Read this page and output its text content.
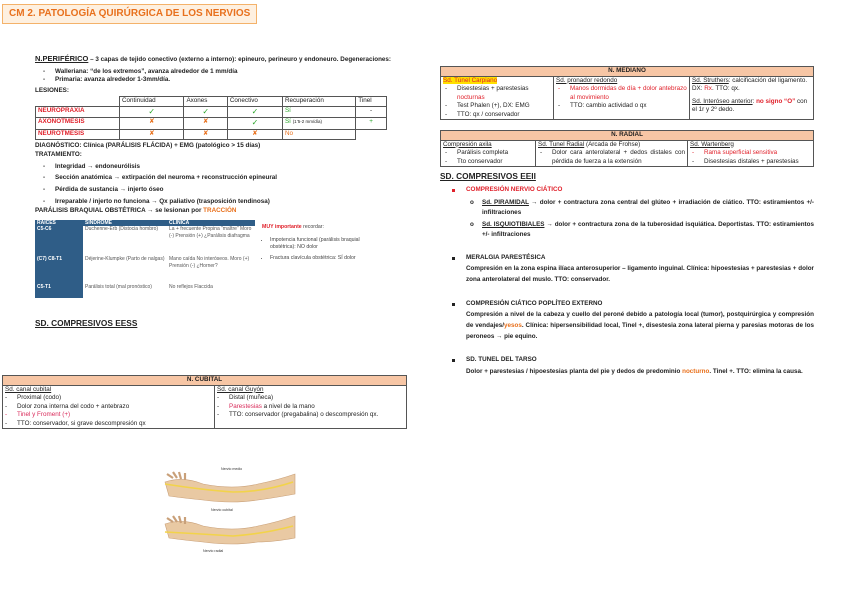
CM 2. PATOLOGÍA QUIRÚRGICA DE LOS NERVIOS
N.PERIFÉRICO – 3 capas de tejido conectivo (externo a interno): epineuro, perineuro y endoneuro. Degeneraciones:
- Walleriana: “de los extremos”, avanza alrededor de 1 mm/día
- Primaria: avanza alrededor 1-3mm/día.
LESIONES:
	Continuidad	Axones	Conectivo	Recuperación	Tinel
NEUROPRAXIA	✓	✓	✓	Sí	-
AXONOTMESIS	✘	✘	✓	Sí (1’5-2 mm/día)	+
NEUROTMESIS	✘	✘	✘	No	
DIAGNÓSTICO: Clínica (PARÁLISIS FLÁCIDA) + EMG (patológico > 15 días)
TRATAMIENTO:
- Integridad → endoneurólisis
- Sección anatómica → extirpación del neuroma + reconstrucción epineural
- Pérdida de sustancia → injerto óseo
- Irreparable / injerto no funciona → Qx paliativo (trasposición tendinosa)
PARÁLISIS BRAQUIAL OBSTÉTRICA → se lesionan por TRACCIÓN
RAICES	SINDROME	CLINICA
C5-C6	Duchenne-Erb (Distocia hombro)	La + frecuente Propina “maître” Moro (-) Prensión (+) ¿Parálisis diafragma
(C7) C8-T1	Déjerine-Klumpke (Parto de nalgas)	Mano caída No interóseos. Moro (+) Prensión (-) ¿Horner?
C5-T1	Parálisis total (mal pronóstico)	No reflejos Flaccida
MUY importante recordar:
• Impotencia funcional (parálisis braquial obstétrica): NO dolor
• Fractura clavícula obstétrica: SÍ dolor
SD. COMPRESIVOS EESS
N. CUBITAL

Sd. canal cubital
- Proximal (codo)
- Dolor zona interna del codo + antebrazo
- Tinel y Froment (+)
- TTO: conservador, si grave descompresión qx

Sd. canal Guyón
- Distal (muñeca)
- Parestesias a nivel de la mano
- TTO: conservador (pregabalina) o descompresión qx.
Nervio medio
Nervio cubital
Nervio radial
N. MEDIANO

Sd. Túnel Carpiano
- Disestesias + parestesias nocturnas
- Test Phalen (+), DX: EMG
- TTO: qx / conservador

Sd. pronador redondo
- Manos dormidas de día + dolor antebrazo al movimiento
- TTO: cambio actividad o qx

Sd. Struthers: calcificación del ligamento. DX: Rx. TTO: qx.
Sd. Interóseo anterior: no signo “O” con el 1r y 2º dedo.
N. RADIAL

Compresión axila
- Parálisis completa
- Tto conservador

Sd. Tunel Radial (Arcada de Frohse)
- Dolor cara anterolateral + dedos distales con pérdida de fuerza a la extensión

Sd. Wartenberg
- Rama superficial sensitiva
- Disestesias distales + parestesias
SD. COMPRESIVOS EEII
COMPRESIÓN NERVIO CIÁTICO
o Sd. PIRAMIDAL → dolor + contractura zona central del glúteo + irradiación de ciático. TTO: estiramientos +/- infiltraciones
o Sd. ISQUIOTIBIALES → dolor + contractura zona de la tuberosidad isquiática. Deportistas. TTO: estiramientos +/- infiltraciones
MERALGIA PARESTÉSICA
Compresión en la zona espina ilíaca anterosuperior – ligamento inguinal. Clínica: hipoestesias + parestesias + dolor zona anterolateral del muslo. TTO: conservador.
COMPRESIÓN CIÁTICO POPLÍTEO EXTERNO
Compresión a nivel de la cabeza y cuello del peroné debido a patología local (tumor), postquirúrgica y compresión de vendajes/yesos. Clínica: hipersensibilidad local, Tinel +, disestesia zona lateral pierna y paresias motoras de los peroneos → pie equino.
SD. TUNEL DEL TARSO
Dolor + parestesias / hipoestesias planta del pie y dedos de predominio nocturno. Tinel +. TTO: elimina la causa.
